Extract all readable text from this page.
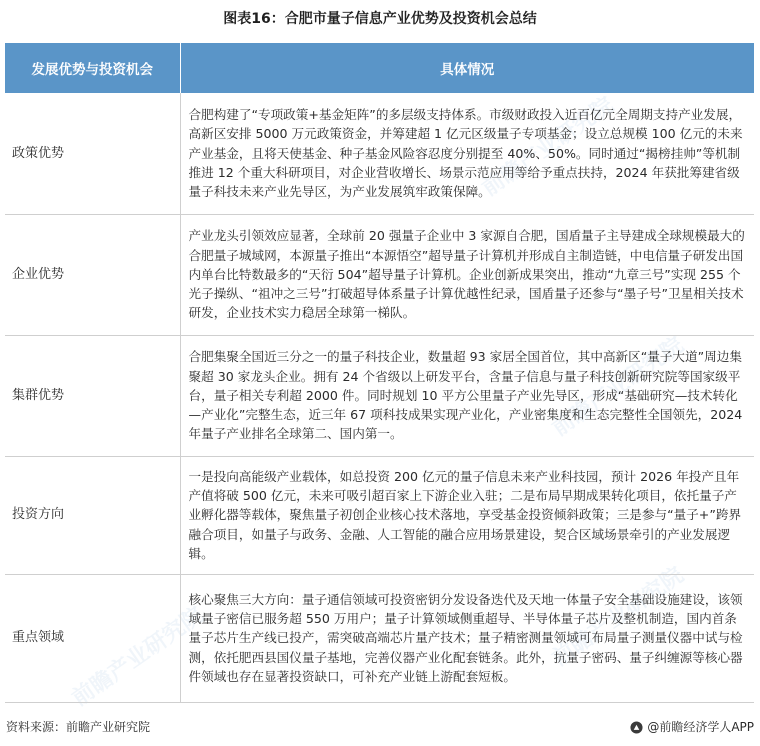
图表16：合肥市量子信息产业优势及投资机会总结
前瞻产业研究院
前瞻产业研究院
前瞻产业研究院
前瞻产业研究院
发展优势与投资机会	具体情况
政策优势	合肥构建了“专项政策+基金矩阵”的多层级支持体系。市级财政投入近百亿元全周期支持产业发展，高新区安排 5000 万元政策资金，并筹建超 1 亿元区级量子专项基金；设立总规模 100 亿元的未来产业基金，且将天使基金、种子基金风险容忍度分别提至 40%、50%。同时通过“揭榜挂帅”等机制推进 12 个重大科研项目，对企业营收增长、场景示范应用等给予重点扶持，2024 年获批筹建省级量子科技未来产业先导区，为产业发展筑牢政策保障。
企业优势	产业龙头引领效应显著，全球前 20 强量子企业中 3 家源自合肥，国盾量子主导建成全球规模最大的合肥量子城域网，本源量子推出“本源悟空”超导量子计算机并形成自主制造链，中电信量子研发出国内单台比特数最多的“天衍 504”超导量子计算机。企业创新成果突出，推动“九章三号”实现 255 个光子操纵、“祖冲之三号”打破超导体系量子计算优越性纪录，国盾量子还参与“墨子号”卫星相关技术研发，企业技术实力稳居全球第一梯队。
集群优势	合肥集聚全国近三分之一的量子科技企业，数量超 93 家居全国首位，其中高新区“量子大道”周边集聚超 30 家龙头企业。拥有 24 个省级以上研发平台，含量子信息与量子科技创新研究院等国家级平台，量子相关专利超 2000 件。同时规划 10 平方公里量子产业先导区，形成“基础研究—技术转化—产业化”完整生态，近三年 67 项科技成果实现产业化，产业密集度和生态完整性全国领先，2024 年量子产业排名全球第二、国内第一。
投资方向	一是投向高能级产业载体，如总投资 200 亿元的量子信息未来产业科技园，预计 2026 年投产且年产值将破 500 亿元，未来可吸引超百家上下游企业入驻；二是布局早期成果转化项目，依托量子产业孵化器等载体，聚焦量子初创企业核心技术落地，享受基金投资倾斜政策；三是参与“量子+”跨界融合项目，如量子与政务、金融、人工智能的融合应用场景建设，契合区域场景牵引的产业发展逻辑。
重点领域	核心聚焦三大方向：量子通信领域可投资密钥分发设备迭代及天地一体量子安全基础设施建设，该领域量子密信已服务超 550 万用户；量子计算领域侧重超导、半导体量子芯片及整机制造，国内首条量子芯片生产线已投产，需突破高端芯片量产技术；量子精密测量领域可布局量子测量仪器中试与检测，依托肥西县国仪量子基地，完善仪器产业化配套链条。此外，抗量子密码、量子纠缠源等核心器件领域也存在显著投资缺口，可补充产业链上游配套短板。
资料来源：前瞻产业研究院	@前瞻经济学人APP
